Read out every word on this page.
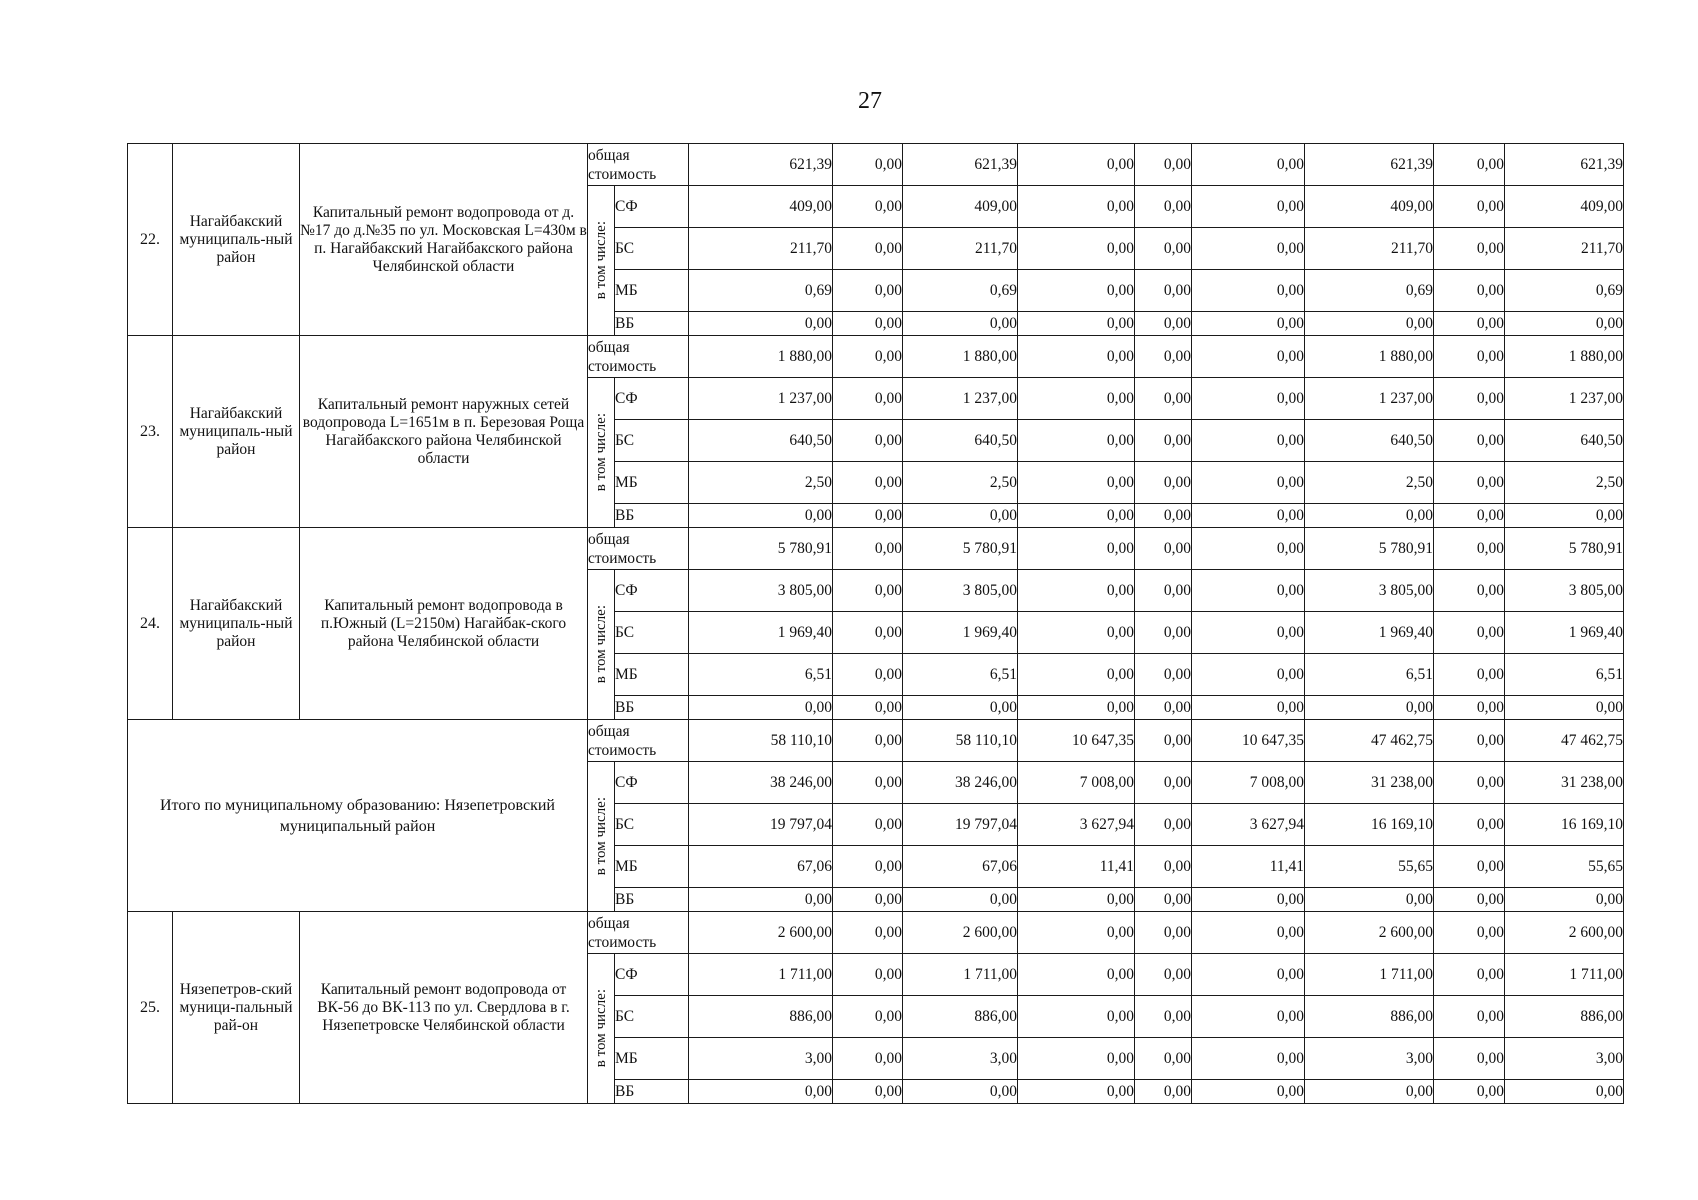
27
22.	Нагайбакский муниципаль-ный район	Капитальный ремонт водопровода от д.№17 до д.№35 по ул. Московская L=430м в п. Нагайбакский Нагайбакского района Челябинской области	общая стоимость		621,39	0,00	621,39	0,00	0,00	0,00	621,39	0,00	621,39

			в том числе:	СФ	409,00	0,00	409,00	0,00	0,00	0,00	409,00	0,00	409,00
				БС	211,70	0,00	211,70	0,00	0,00	0,00	211,70	0,00	211,70
				МБ	0,69	0,00	0,69	0,00	0,00	0,00	0,69	0,00	0,69
				ВБ	0,00	0,00	0,00	0,00	0,00	0,00	0,00	0,00	0,00
23.	Нагайбакский муниципаль-ный район	Капитальный ремонт наружных сетей водопровода L=1651м в п. Березовая Роща Нагайбакского района Челябинской области	общая стоимость		1 880,00	0,00	1 880,00	0,00	0,00	0,00	1 880,00	0,00	1 880,00

			в том числе:	СФ	1 237,00	0,00	1 237,00	0,00	0,00	0,00	1 237,00	0,00	1 237,00
				БС	640,50	0,00	640,50	0,00	0,00	0,00	640,50	0,00	640,50
				МБ	2,50	0,00	2,50	0,00	0,00	0,00	2,50	0,00	2,50
				ВБ	0,00	0,00	0,00	0,00	0,00	0,00	0,00	0,00	0,00
24.	Нагайбакский муниципаль-ный район	Капитальный ремонт водопровода в п.Южный (L=2150м) Нагайбак-ского района Челябинской области	общая стоимость		5 780,91	0,00	5 780,91	0,00	0,00	0,00	5 780,91	0,00	5 780,91

			в том числе:	СФ	3 805,00	0,00	3 805,00	0,00	0,00	0,00	3 805,00	0,00	3 805,00
				БС	1 969,40	0,00	1 969,40	0,00	0,00	0,00	1 969,40	0,00	1 969,40
				МБ	6,51	0,00	6,51	0,00	0,00	0,00	6,51	0,00	6,51
				ВБ	0,00	0,00	0,00	0,00	0,00	0,00	0,00	0,00	0,00
Итого по муниципальному образованию: Нязепетровский муниципальный район			общая стоимость		58 110,10	0,00	58 110,10	10 647,35	0,00	10 647,35	47 462,75	0,00	47 462,75

			в том числе:	СФ	38 246,00	0,00	38 246,00	7 008,00	0,00	7 008,00	31 238,00	0,00	31 238,00
				БС	19 797,04	0,00	19 797,04	3 627,94	0,00	3 627,94	16 169,10	0,00	16 169,10
				МБ	67,06	0,00	67,06	11,41	0,00	11,41	55,65	0,00	55,65
				ВБ	0,00	0,00	0,00	0,00	0,00	0,00	0,00	0,00	0,00
25.	Нязепетров-ский муници-пальный рай-он	Капитальный ремонт водопровода от ВК-56 до ВК-113 по ул. Свердлова в г. Нязепетровске Челябинской области	общая стоимость		2 600,00	0,00	2 600,00	0,00	0,00	0,00	2 600,00	0,00	2 600,00

			в том числе:	СФ	1 711,00	0,00	1 711,00	0,00	0,00	0,00	1 711,00	0,00	1 711,00
				БС	886,00	0,00	886,00	0,00	0,00	0,00	886,00	0,00	886,00
				МБ	3,00	0,00	3,00	0,00	0,00	0,00	3,00	0,00	3,00
				ВБ	0,00	0,00	0,00	0,00	0,00	0,00	0,00	0,00	0,00
